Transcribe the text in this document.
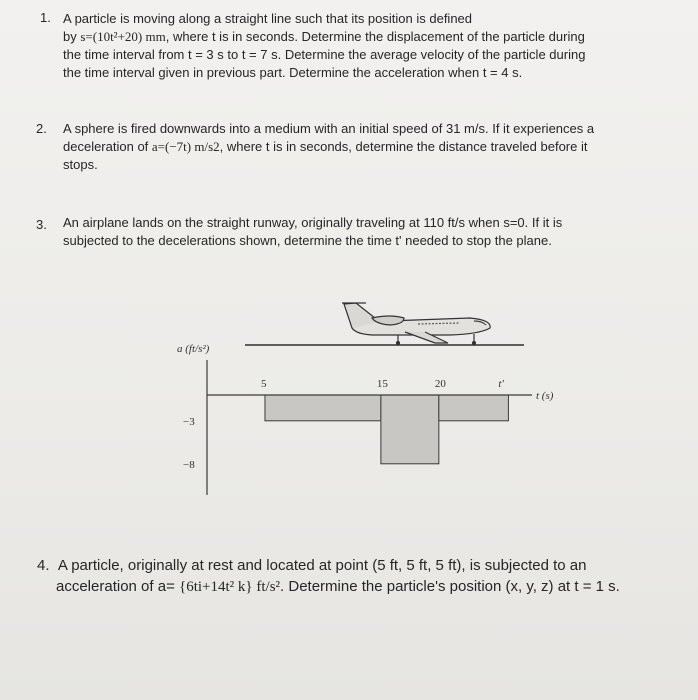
1. A particle is moving along a straight line such that its position is defined
by s=(10t²+20) mm, where t is in seconds. Determine the displacement of the particle during
the time interval from t = 3 s to t = 7 s. Determine the average velocity of the particle during
the time interval given in previous part. Determine the acceleration when t = 4 s.
2. A sphere is fired downwards into a medium with an initial speed of 31 m/s. If it experiences a
deceleration of a=(−7t) m/s2, where t is in seconds, determine the distance traveled before it
stops.
3. An airplane lands on the straight runway, originally traveling at 110 ft/s when s=0. If it is
subjected to the decelerations shown, determine the time t' needed to stop the plane.
a (ft/s²)
5	15	20	t'
−3
−8
t (s)
4. A particle, originally at rest and located at point (5 ft, 5 ft, 5 ft), is subjected to an
acceleration of a= {6ti+14t² k} ft/s². Determine the particle's position (x, y, z) at t = 1 s.
